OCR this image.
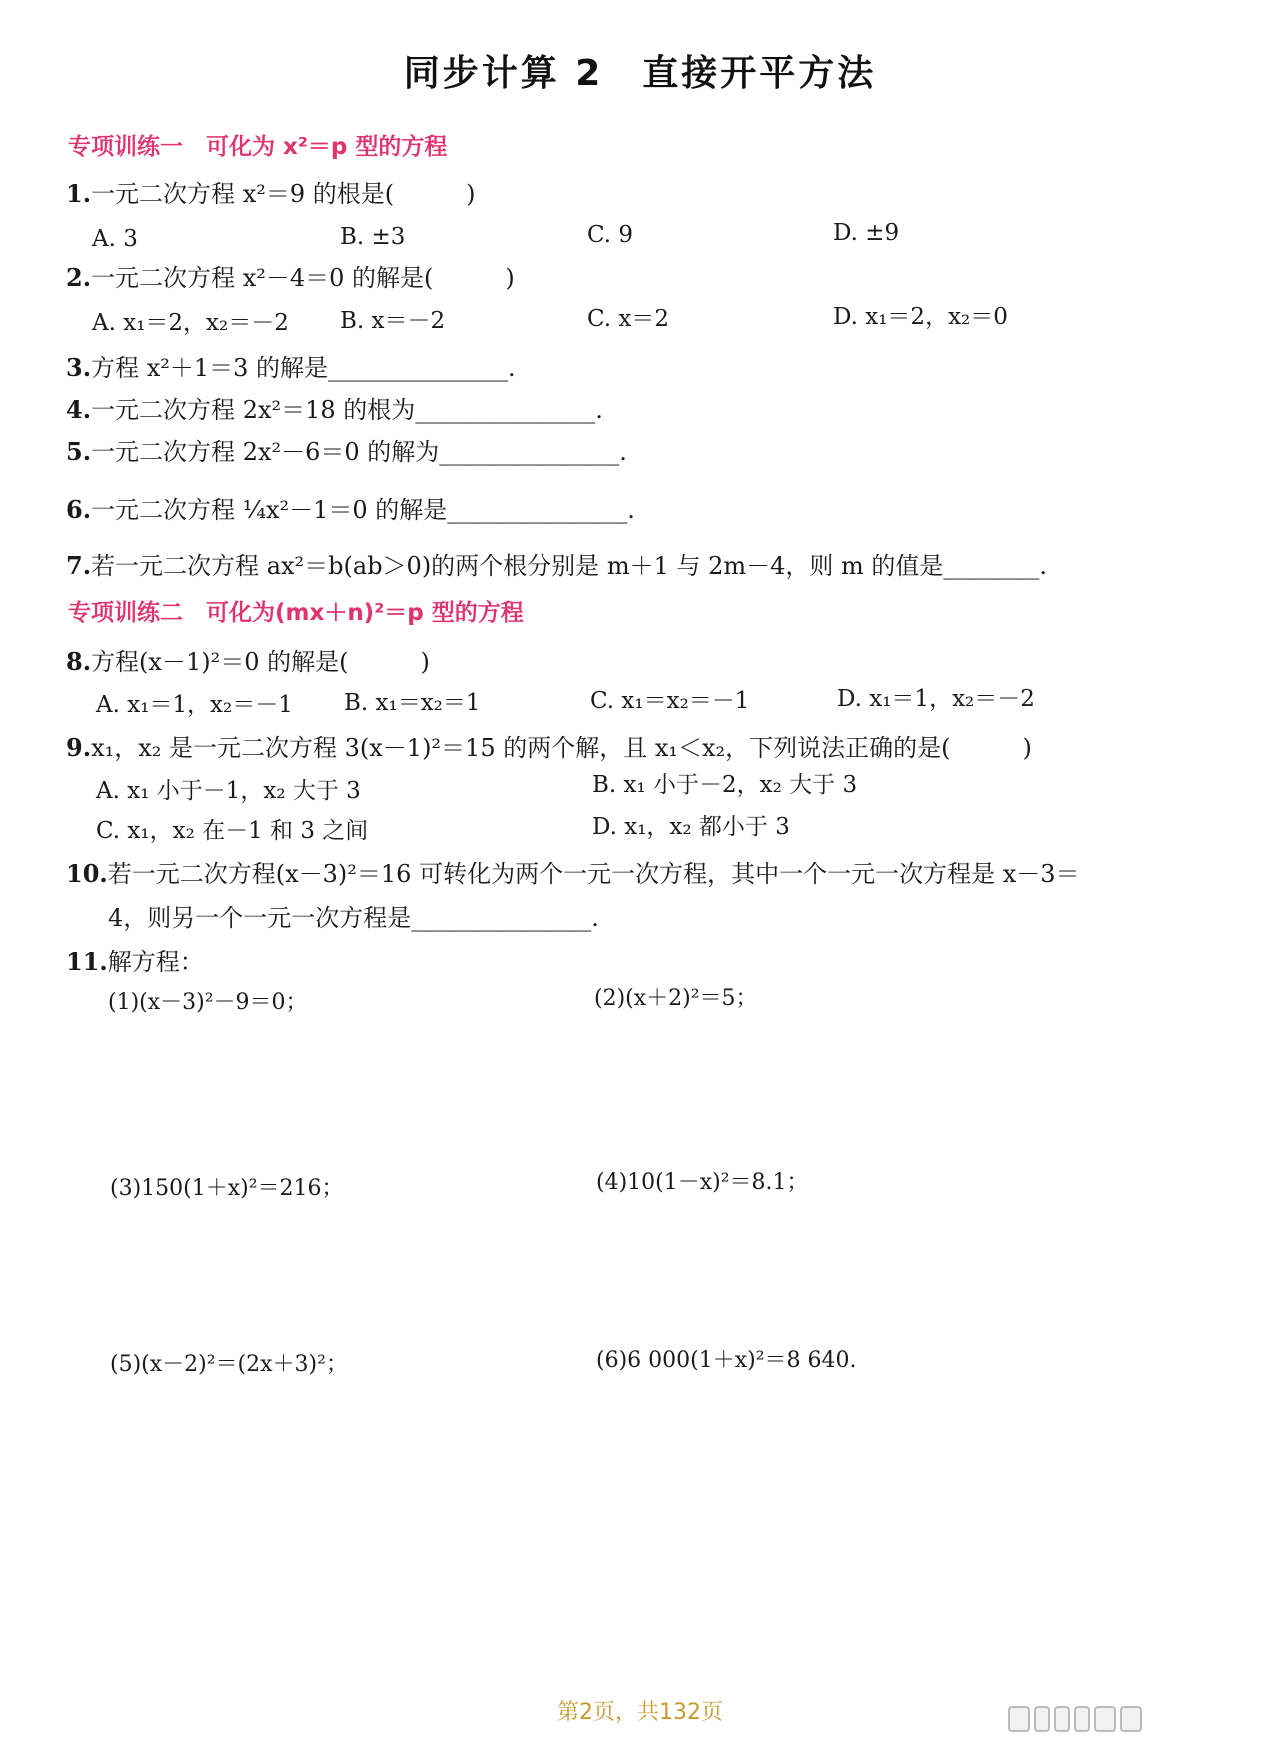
同步计算 2　直接开平方法
专项训练一　可化为 x²＝p 型的方程
1.一元二次方程 x²＝9 的根是(　　　)
A. 3	B. ±3	C. 9	D. ±9
2.一元二次方程 x²－4＝0 的解是(　　　)
A. x₁＝2，x₂＝－2 B. x＝－2	C. x＝2	D. x₁＝2，x₂＝0
3.方程 x²＋1＝3 的解是_______________.
4.一元二次方程 2x²＝18 的根为_______________.
5.一元二次方程 2x²－6＝0 的解为_______________.
6.一元二次方程 ¼x²－1＝0 的解是_______________.
7.若一元二次方程 ax²＝b(ab＞0)的两个根分别是 m＋1 与 2m－4，则 m 的值是________.
专项训练二　可化为(mx＋n)²＝p 型的方程
8.方程(x－1)²＝0 的解是(　　　)
A. x₁＝1，x₂＝－1 B. x₁＝x₂＝1	C. x₁＝x₂＝－1	D. x₁＝1，x₂＝－2
9.x₁，x₂ 是一元二次方程 3(x－1)²＝15 的两个解，且 x₁＜x₂，下列说法正确的是(　　　)
A. x₁ 小于－1，x₂ 大于 3	B. x₁ 小于－2，x₂ 大于 3
C. x₁，x₂ 在－1 和 3 之间	D. x₁，x₂ 都小于 3
10.若一元二次方程(x－3)²＝16 可转化为两个一元一次方程，其中一个一元一次方程是 x－3＝
4，则另一个一元一次方程是_______________.
11.解方程：
(1)(x－3)²－9＝0；	(2)(x＋2)²＝5；
(3)150(1＋x)²＝216；	(4)10(1－x)²＝8.1；
(5)(x－2)²＝(2x＋3)²；	(6)6 000(1＋x)²＝8 640.
第2页，共132页
